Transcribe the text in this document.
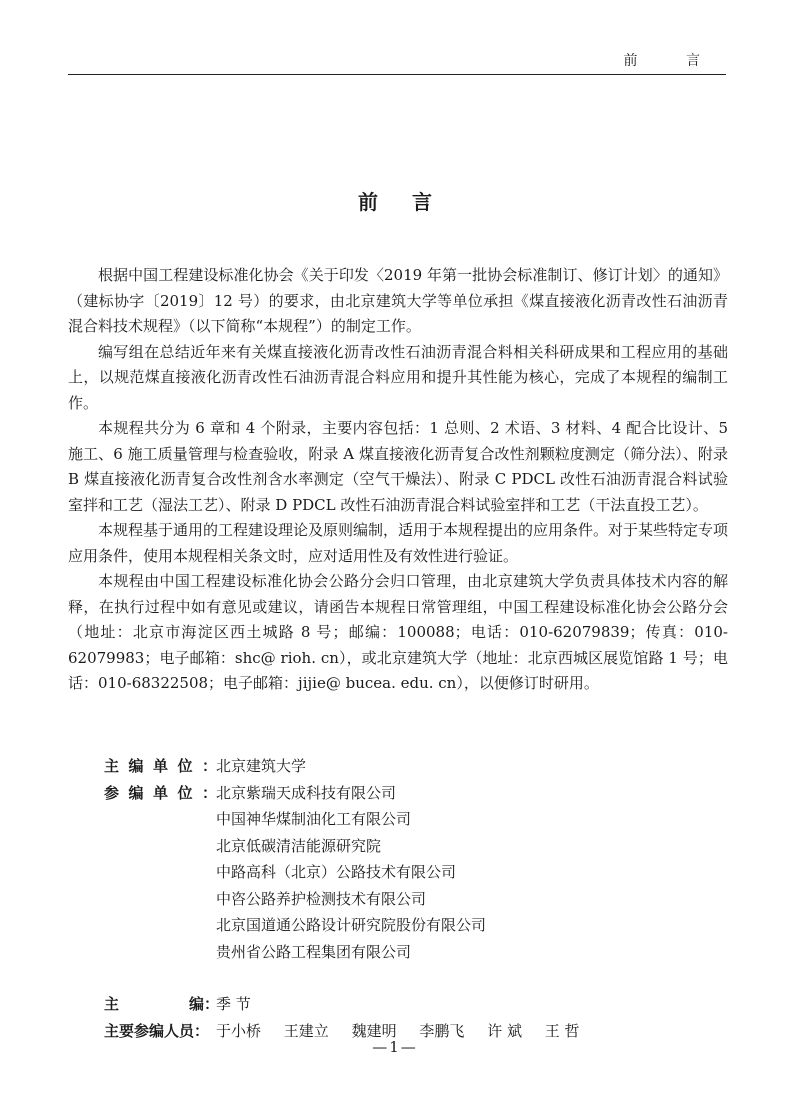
前 言
前言

根据中国工程建设标准化协会《关于印发〈2019 年第一批协会标准制订、修订计划〉的通知》（建标协字〔2019〕12 号）的要求，由北京建筑大学等单位承担《煤直接液化沥青改性石油沥青混合料技术规程》（以下简称“本规程”）的制定工作。

编写组在总结近年来有关煤直接液化沥青改性石油沥青混合料相关科研成果和工程应用的基础上，以规范煤直接液化沥青改性石油沥青混合料应用和提升其性能为核心，完成了本规程的编制工作。

本规程共分为 6 章和 4 个附录，主要内容包括：1 总则、2 术语、3 材料、4 配合比设计、5 施工、6 施工质量管理与检查验收，附录 A 煤直接液化沥青复合改性剂颗粒度测定（筛分法）、附录 B 煤直接液化沥青复合改性剂含水率测定（空气干燥法）、附录 C PDCL 改性石油沥青混合料试验室拌和工艺（湿法工艺）、附录 D PDCL 改性石油沥青混合料试验室拌和工艺（干法直投工艺）。

本规程基于通用的工程建设理论及原则编制，适用于本规程提出的应用条件。对于某些特定专项应用条件，使用本规程相关条文时，应对适用性及有效性进行验证。

本规程由中国工程建设标准化协会公路分会归口管理，由北京建筑大学负责具体技术内容的解释，在执行过程中如有意见或建议，请函告本规程日常管理组，中国工程建设标准化协会公路分会（地址：北京市海淀区西土城路 8 号；邮编：100088；电话：010-62079839；传真：010-62079983；电子邮箱：shc@ rioh. cn），或北京建筑大学（地址：北京西城区展览馆路 1 号；电话：010-68322508；电子邮箱：jijie@ bucea. edu. cn），以便修订时研用。

主编单位：
北京建筑大学
参编单位：
北京紫瑞天成科技有限公司
中国神华煤制油化工有限公司
北京低碳清洁能源研究院
中路高科（北京）公路技术有限公司
中咨公路养护检测技术有限公司
北京国道通公路设计研究院股份有限公司
贵州省公路工程集团有限公司
主	编：
季 节
主要参编人员： 于小桥 王建立 魏建明 李鹏飞 许 斌 王 哲
—1—
